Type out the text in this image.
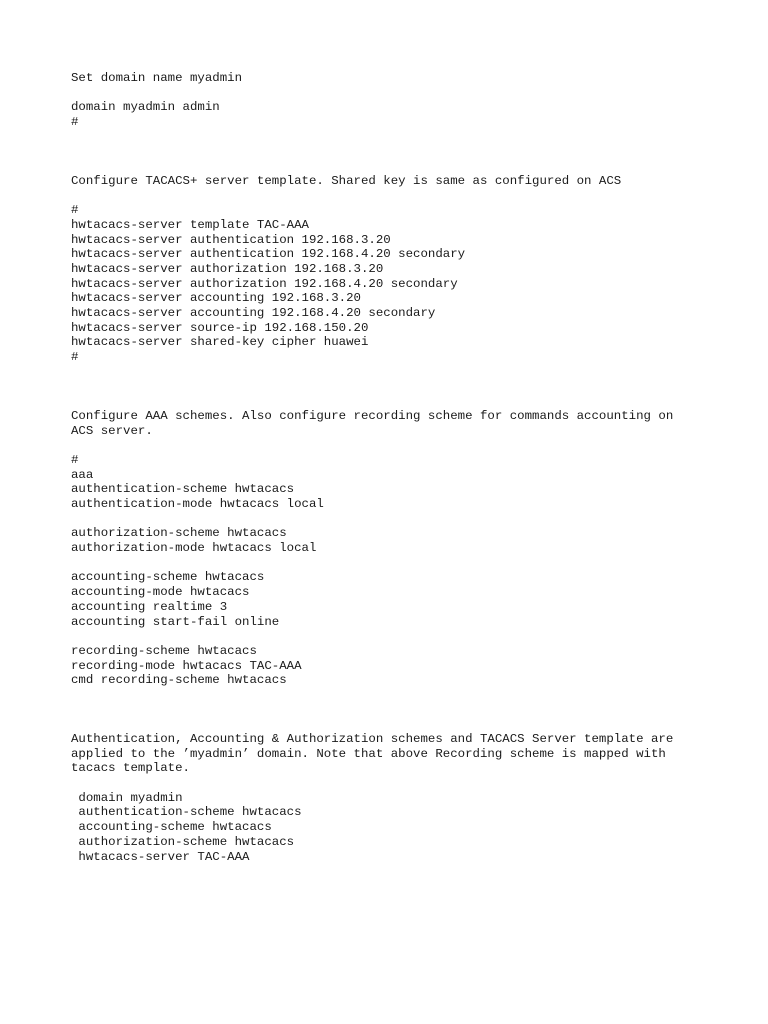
Set domain name myadmin
domain myadmin admin
#
Configure TACACS+ server template. Shared key is same as configured on ACS
#
hwtacacs-server template TAC-AAA
hwtacacs-server authentication 192.168.3.20
hwtacacs-server authentication 192.168.4.20 secondary
hwtacacs-server authorization 192.168.3.20
hwtacacs-server authorization 192.168.4.20 secondary
hwtacacs-server accounting 192.168.3.20
hwtacacs-server accounting 192.168.4.20 secondary
hwtacacs-server source-ip 192.168.150.20
hwtacacs-server shared-key cipher huawei
#
Configure AAA schemes. Also configure recording scheme for commands accounting on
ACS server.
#
aaa
authentication-scheme hwtacacs
authentication-mode hwtacacs local
authorization-scheme hwtacacs
authorization-mode hwtacacs local
accounting-scheme hwtacacs
accounting-mode hwtacacs
accounting realtime 3
accounting start-fail online
recording-scheme hwtacacs
recording-mode hwtacacs TAC-AAA
cmd recording-scheme hwtacacs
Authentication, Accounting & Authorization schemes and TACACS Server template are
applied to the ’myadmin’ domain. Note that above Recording scheme is mapped with
tacacs template.
domain myadmin
authentication-scheme hwtacacs
accounting-scheme hwtacacs
authorization-scheme hwtacacs
hwtacacs-server TAC-AAA
